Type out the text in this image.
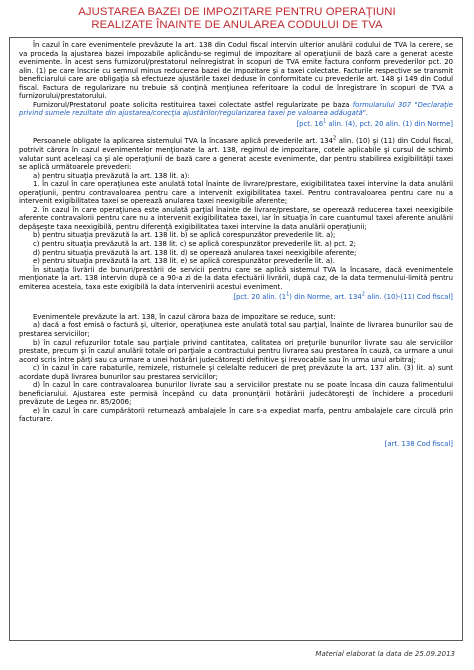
AJUSTAREA BAZEI DE IMPOZITARE PENTRU OPERAŢIUNI
REALIZATE ÎNAINTE DE ANULAREA CODULUI DE TVA

În cazul în care evenimentele prevăzute la art. 138 din Codul fiscal intervin ulterior anulării codului de TVA la cerere, se va proceda la ajustarea bazei impozabile aplicându-se regimul de impozitare al operaţiunii de bază care a generat aceste evenimente. În acest sens furnizorul/prestatorul neînregistrat în scopuri de TVA emite factura conform prevederilor pct. 20 alin. (1) pe care înscrie cu semnul minus reducerea bazei de impozitare şi a taxei colectate. Facturile respective se transmit beneficiarului care are obligaţia să efectueze ajustările taxei deduse în conformitate cu prevederile art. 148 şi 149 din Codul fiscal. Factura de regularizare nu trebuie să conţină menţiunea referitoare la codul de înregistrare în scopuri de TVA a furnizorului/prestatorului.

Furnizorul/Prestatorul poate solicita restituirea taxei colectate astfel regularizate pe baza formularului 307 "Declaraţie privind sumele rezultate din ajustarea/corecţia ajustărilor/regularizarea taxei pe valoarea adăugată".

[pct. $16^1$ alin. (4), pct. 20 alin. (1) din Norme]

Persoanele obligate la aplicarea sistemului TVA la încasare aplică prevederile art. $134^2$ alin. (10) şi (11) din Codul fiscal, potrivit cărora în cazul evenimentelor menţionate la art. 138, regimul de impozitare, cotele aplicabile şi cursul de schimb valutar sunt aceleaşi ca şi ale operaţiunii de bază care a generat aceste evenimente, dar pentru stabilirea exigibilităţii taxei se aplică următoarele prevederi:

a) pentru situaţia prevăzută la art. 138 lit. a):

1. în cazul în care operaţiunea este anulată total înainte de livrare/prestare, exigibilitatea taxei intervine la data anulării operaţiunii, pentru contravaloarea pentru care a intervenit exigibilitatea taxei. Pentru contravaloarea pentru care nu a intervenit exigibilitatea taxei se operează anularea taxei neexigibile aferente;

2. în cazul în care operaţiunea este anulată parţial înainte de livrare/prestare, se operează reducerea taxei neexigibile aferente contravalorii pentru care nu a intervenit exigibilitatea taxei, iar în situaţia în care cuantumul taxei aferente anulării depăşeşte taxa neexigibilă, pentru diferenţă exigibilitatea taxei intervine la data anulării operaţiunii;

b) pentru situaţia prevăzută la art. 138 lit. b) se aplică corespunzător prevederile lit. a);

c) pentru situaţia prevăzută la art. 138 lit. c) se aplică corespunzător prevederile lit. a) pct. 2;

d) pentru situaţia prevăzută la art. 138 lit. d) se operează anularea taxei neexigibile aferente;

e) pentru situaţia prevăzută la art. 138 lit. e) se aplică corespunzător prevederile lit. a).

În situaţia livrării de bunuri/prestării de servicii pentru care se aplică sistemul TVA la încasare, dacă evenimentele menţionate la art. 138 intervin după ce a 90-a zi de la data efectuării livrării, după caz, de la data termenului-limită pentru emiterea acesteia, taxa este exigibilă la data intervenirii acestui eveniment.

[pct. 20 alin. $(1^1)$ din Norme, art. $134^2$ alin. (10)-(11) Cod fiscal]

Evenimentele prevăzute la art. 138, în cazul cărora baza de impozitare se reduce, sunt:

a) dacă a fost emisă o factură şi, ulterior, operaţiunea este anulată total sau parţial, înainte de livrarea bunurilor sau de prestarea serviciilor;

b) în cazul refuzurilor totale sau parţiale privind cantitatea, calitatea ori preţurile bunurilor livrate sau ale serviciilor prestate, precum şi în cazul anulării totale ori parţiale a contractului pentru livrarea sau prestarea în cauză, ca urmare a unui acord scris între părţi sau ca urmare a unei hotărâri judecătoreşti definitive şi irevocabile sau în urma unui arbitraj;

c) în cazul în care rabaturile, remizele, risturnele şi celelalte reduceri de preţ prevăzute la art. 137 alin. (3) lit. a) sunt acordate după livrarea bunurilor sau prestarea serviciilor;

d) în cazul în care contravaloarea bunurilor livrate sau a serviciilor prestate nu se poate încasa din cauza falimentului beneficiarului. Ajustarea este permisă începând cu data pronunţării hotărârii judecătoreşti de închidere a procedurii prevăzute de Legea nr. 85/2006;

e) în cazul în care cumpărătorii returnează ambalajele în care s-a expediat marfa, pentru ambalajele care circulă prin facturare.

[art. 138 Cod fiscal]

Material elaborat la data de 25.09.2013
